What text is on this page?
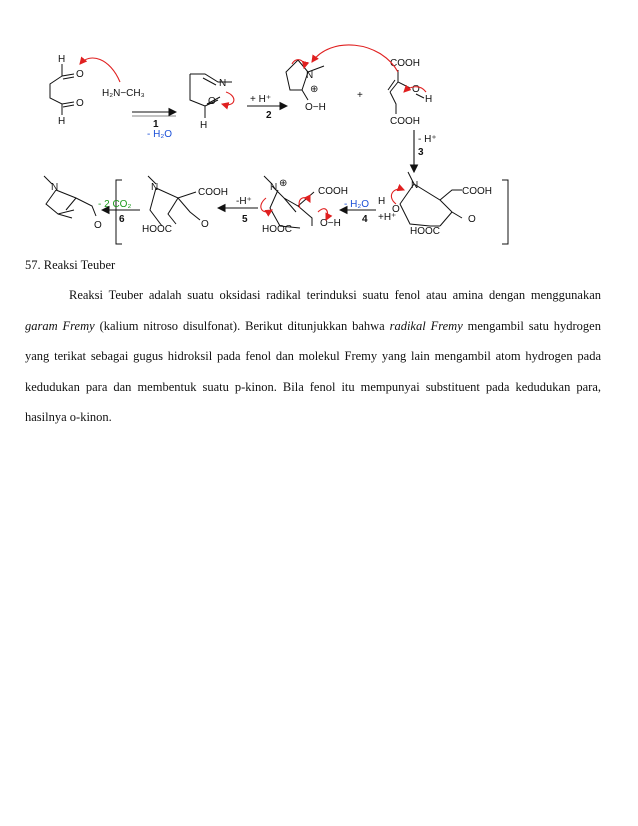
H
O
O
H
H₂N−CH₃
1
- H₂O
N
O
H
+ H⁺
2
N
⊕
O−H
+
COOH
O
H
COOH
- H⁺
3
N
H
O
COOH
HOOC
O
- H₂O
4 +H⁺
N ⊕
COOH
HOOC
O−H
-H⁺
5
N	COOH
HOOC	O
- 2 CO₂
6
N
O
57. Reaksi Teuber

Reaksi Teuber adalah suatu oksidasi radikal terinduksi suatu fenol atau amina dengan menggunakan garam Fremy (kalium nitroso disulfonat). Berikut ditunjukkan bahwa radikal Fremy mengambil satu hydrogen yang terikat sebagai gugus hidroksil pada fenol dan molekul Fremy yang lain mengambil atom hydrogen pada kedudukan para dan membentuk suatu p-kinon. Bila fenol itu mempunyai substituent pada kedudukan para, hasilnya o-kinon.
